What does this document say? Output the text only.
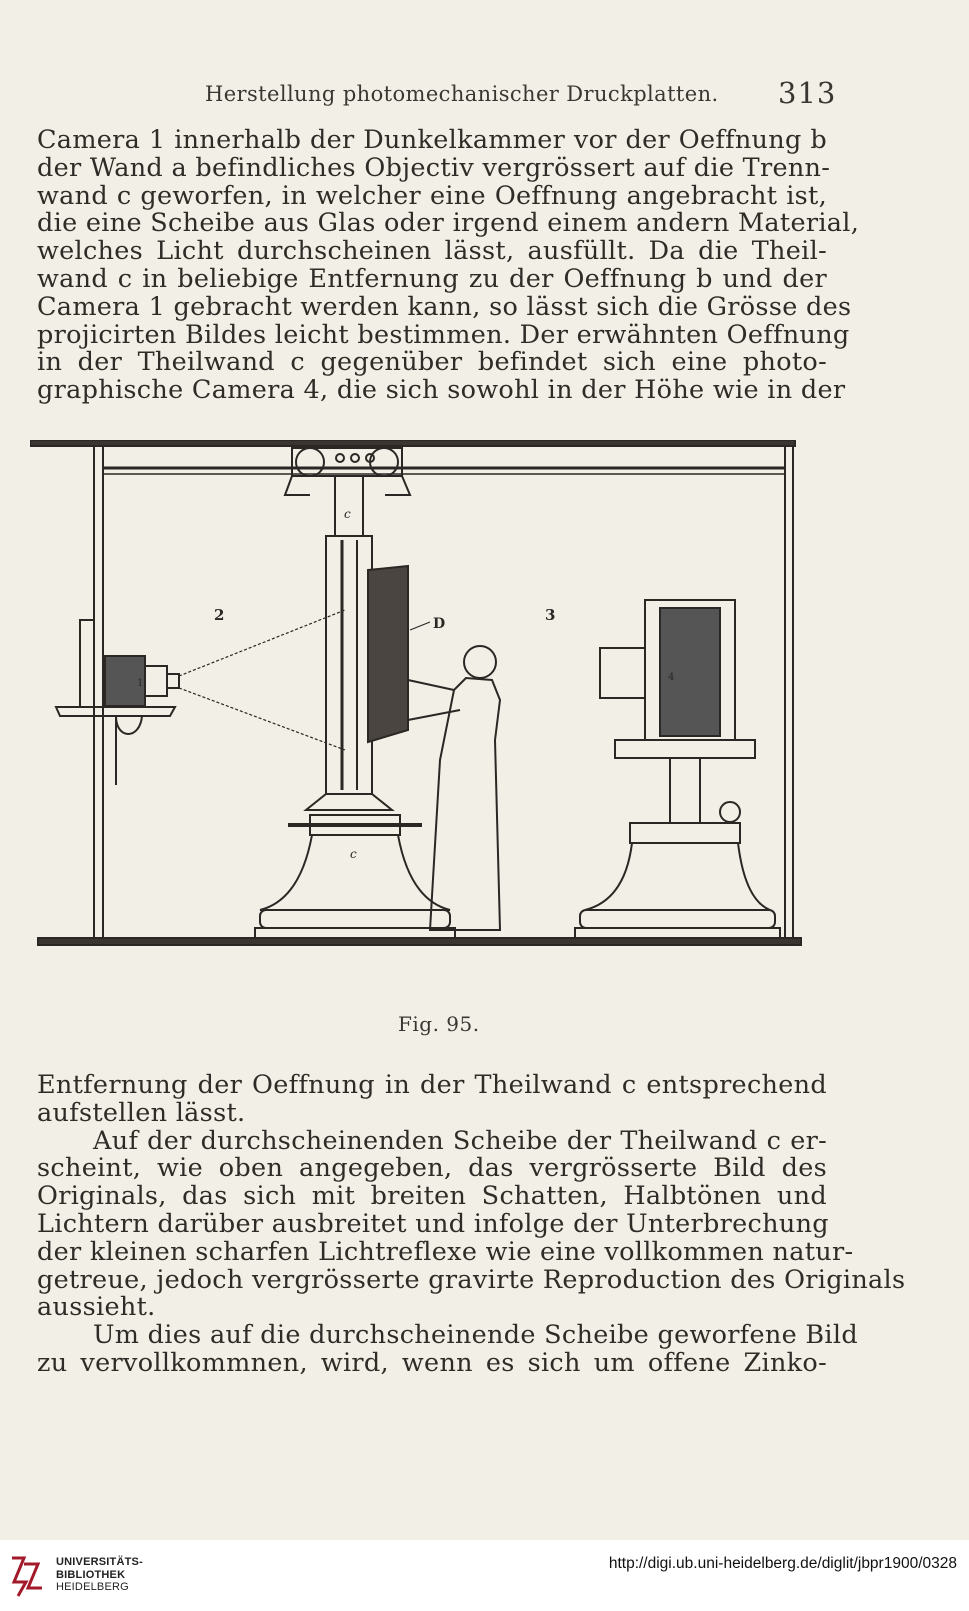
Herstellung photomechanischer Druckplatten. 313

Camera 1 innerhalb der Dunkelkammer vor der Oeffnung b
der Wand a befindliches Objectiv vergrössert auf die Trenn-
wand c geworfen, in welcher eine Oeffnung angebracht ist,
die eine Scheibe aus Glas oder irgend einem andern Material,
welches Licht durchscheinen lässt, ausfüllt. Da die Theil-
wand c in beliebige Entfernung zu der Oeffnung b und der
Camera 1 gebracht werden kann, so lässt sich die Grösse des
projicirten Bildes leicht bestimmen. Der erwähnten Oeffnung
in der Theilwand c gegenüber befindet sich eine photo-
graphische Camera 4, die sich sowohl in der Höhe wie in der

2	3
c
c
D
1
4
Fig. 95.

Entfernung der Oeffnung in der Theilwand c entsprechend
aufstellen lässt.

Auf der durchscheinenden Scheibe der Theilwand c er-
scheint, wie oben angegeben, das vergrösserte Bild des
Originals, das sich mit breiten Schatten, Halbtönen und
Lichtern darüber ausbreitet und infolge der Unterbrechung
der kleinen scharfen Lichtreflexe wie eine vollkommen natur-
getreue, jedoch vergrösserte gravirte Reproduction des Originals
aussieht.

Um dies auf die durchscheinende Scheibe geworfene Bild
zu vervollkommnen, wird, wenn es sich um offene Zinko-

UNIVERSITÄTS-
BIBLIOTHEK
HEIDELBERG
http://digi.ub.uni-heidelberg.de/diglit/jbpr1900/0328
